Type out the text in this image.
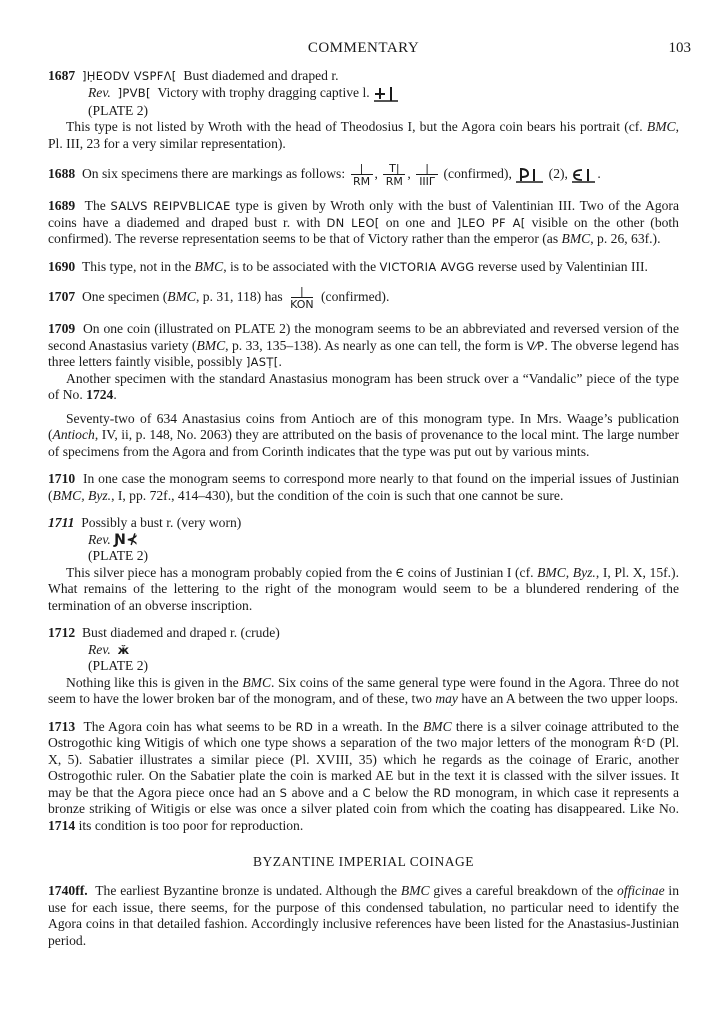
COMMENTARY	103

1687 ]ḤEODV VSPFΛ[ Bust diademed and draped r.

Rev. ]PVB[ Victory with trophy dragging captive l.

(PLATE 2)

This type is not listed by Wroth with the head of Theodosius I, but the Agora coin bears his portrait (cf. BMC, Pl. III, 23 for a very similar representation).

1688 On six specimens there are markings as follows: $\frac{|}{RM}$ , $\frac{T|}{RM}$ , $\frac{|}{\text{IIIΓ}}$ (confirmed),	(2), .

1689 The SALVS REIPVBLICAE type is given by Wroth only with the bust of Valentinian III. Two of the Agora coins have a diademed and draped bust r. with DN LEO[ on one and ]LEO PF A[ visible on the other (both confirmed). The reverse representation seems to be that of Victory rather than the emperor (as BMC, p. 26, 63f.).

1690 This type, not in the BMC, is to be associated with the VICTORIA AVGG reverse used by Valentinian III.

1707 One specimen (BMC, p. 31, 118) has $\frac{|}{\text{KON}}$ (confirmed).

1709 On one coin (illustrated on PLATE 2) the monogram seems to be an abbreviated and reversed version of the second Anastasius variety (BMC, p. 33, 135–138). As nearly as one can tell, the form is V⁄P. The obverse legend has three letters faintly visible, possibly ]ASṬ[.

Another specimen with the standard Anastasius monogram has been struck over a “Vandalic” piece of the type of No. 1724.

Seventy-two of 634 Anastasius coins from Antioch are of this monogram type. In Mrs. Waage’s publication (Antioch, IV, ii, p. 148, No. 2063) they are attributed on the basis of provenance to the local mint. The large number of specimens from the Agora and from Corinth indicates that the type was put out by various mints.

1710 In one case the monogram seems to correspond more nearly to that found on the imperial issues of Justinian (BMC, Byz., I, pp. 72f., 414–430), but the condition of the coin is such that one cannot be sure.

1711 Possibly a bust r. (very worn)

Rev. Ɲ⊀

(PLATE 2)

This silver piece has a monogram probably copied from the Є coins of Justinian I (cf. BMC, Byz., I, Pl. X, 15f.). What remains of the lettering to the right of the monogram would seem to be a blundered rendering of the termination of an obverse inscription.

1712 Bust diademed and draped r. (crude)

Rev. ӂ

(PLATE 2)

Nothing like this is given in the BMC. Six coins of the same general type were found in the Agora. Three do not seem to have the lower broken bar of the monogram, and of these, two may have an A between the two upper loops.

1713 The Agora coin has what seems to be RD in a wreath. In the BMC there is a silver coinage attributed to the Ostrogothic king Witigis of which one type shows a separation of the two major letters of the monogram ṘᶜD (Pl. X, 5). Sabatier illustrates a similar piece (Pl. XVIII, 35) which he regards as the coinage of Eraric, another Ostrogothic ruler. On the Sabatier plate the coin is marked AE but in the text it is classed with the silver issues. It may be that the Agora piece once had an S above and a C below the RD monogram, in which case it represents a bronze striking of Witigis or else was once a silver plated coin from which the coating has disappeared. Like No. 1714 its condition is too poor for reproduction.

BYZANTINE IMPERIAL COINAGE

1740ff. The earliest Byzantine bronze is undated. Although the BMC gives a careful breakdown of the officinae in use for each issue, there seems, for the purpose of this condensed tabulation, no particular need to identify the Agora coins in that detailed fashion. Accordingly inclusive references have been listed for the Anastasius-Justinian period.
